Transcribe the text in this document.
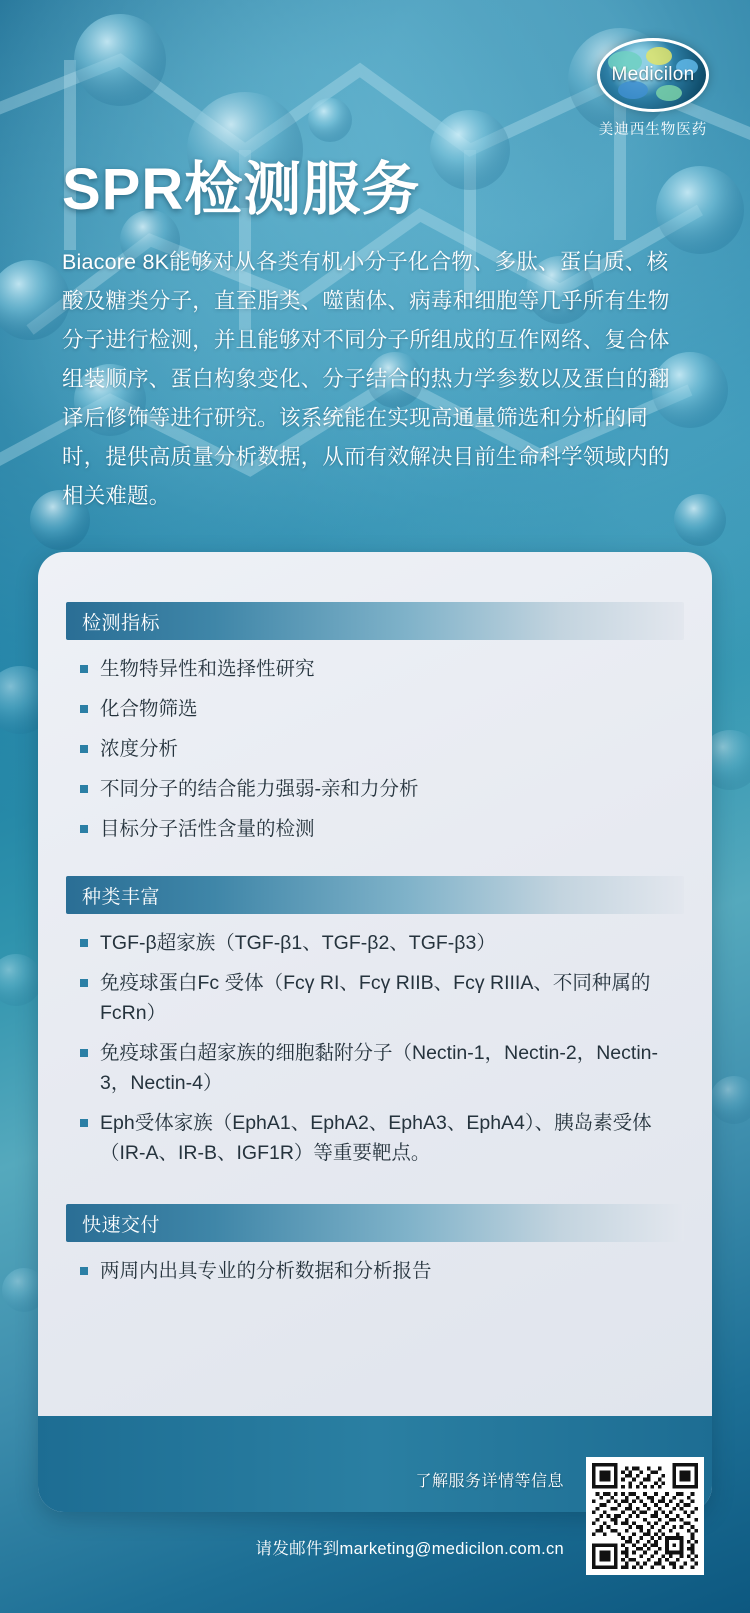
Medicilon
美迪西生物医药
SPR检测服务

Biacore 8K能够对从各类有机小分子化合物、多肽、蛋白质、核酸及糖类分子，直至脂类、噬菌体、病毒和细胞等几乎所有生物分子进行检测，并且能够对不同分子所组成的互作网络、复合体组装顺序、蛋白构象变化、分子结合的热力学参数以及蛋白的翻译后修饰等进行研究。该系统能在实现高通量筛选和分析的同时，提供高质量分析数据，从而有效解决目前生命科学领域内的相关难题。

检测指标
生物特异性和选择性研究
化合物筛选
浓度分析
不同分子的结合能力强弱-亲和力分析
目标分子活性含量的检测
种类丰富
TGF-β超家族（TGF-β1、TGF-β2、TGF-β3）
免疫球蛋白Fc 受体（Fcγ RI、Fcγ RIIB、Fcγ RIIIA、不同种属的FcRn）
免疫球蛋白超家族的细胞黏附分子（Nectin-1，Nectin-2，Nectin-3，Nectin-4）
Eph受体家族（EphA1、EphA2、EphA3、EphA4）、胰岛素受体（IR-A、IR-B、IGF1R）等重要靶点。
快速交付
两周内出具专业的分析数据和分析报告
了解服务详情等信息
请发邮件到marketing@medicilon.com.cn
